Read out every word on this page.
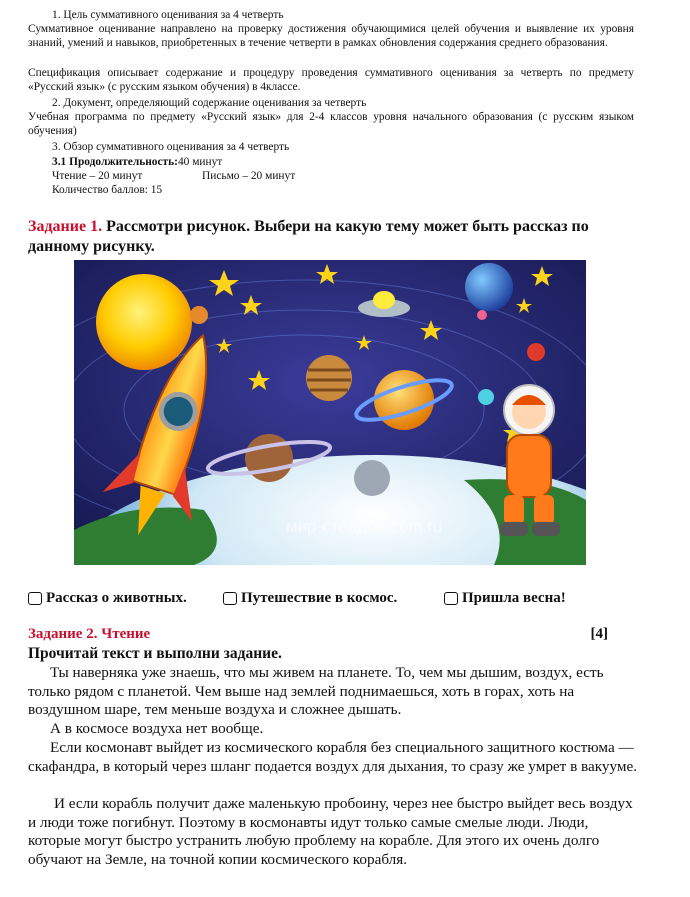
1. Цель суммативного оценивания за 4 четверть
Суммативное оценивание направлено на проверку достижения обучающимися целей обучения и выявление их уровня знаний, умений и навыков, приобретенных в течение четверти в рамках обновления содержания среднего образования.
Спецификация описывает содержание и процедуру проведения суммативного оценивания за четверть по предмету «Русский язык» (с русским языком обучения) в 4классе.
2. Документ, определяющий содержание оценивания за четверть
Учебная программа по предмету «Русский язык» для 2-4 классов уровня начального образования (с русским языком обучения)
3. Обзор суммативного оценивания за 4 четверть
3.1 Продолжительность:40 минут
Чтение – 20 минут	Письмо – 20 минут
Количество баллов: 15
Задание 1. Рассмотри рисунок. Выбери на какую тему может быть рассказ по данному рисунку.
мир-стендов.com.ru
Рассказ о животных.	Путешествие в космос.	Пришла весна!
Задание 2. Чтение	[4]
Прочитай текст и выполни задание.
Ты наверняка уже знаешь, что мы живем на планете. То, чем мы дышим, воздух, есть только рядом с планетой. Чем выше над землей поднимаешься, хоть в горах, хоть на воздушном шаре, тем меньше воздуха и сложнее дышать.
А в космосе воздуха нет вообще.
Если космонавт выйдет из космического корабля без специального защитного костюма — скафандра, в который через шланг подается воздух для дыхания, то сразу же умрет в вакууме.
И если корабль получит даже маленькую пробоину, через нее быстро выйдет весь воздух и люди тоже погибнут. Поэтому в космонавты идут только самые смелые люди. Люди, которые могут быстро устранить любую проблему на корабле. Для этого их очень долго обучают на Земле, на точной копии космического корабля.
